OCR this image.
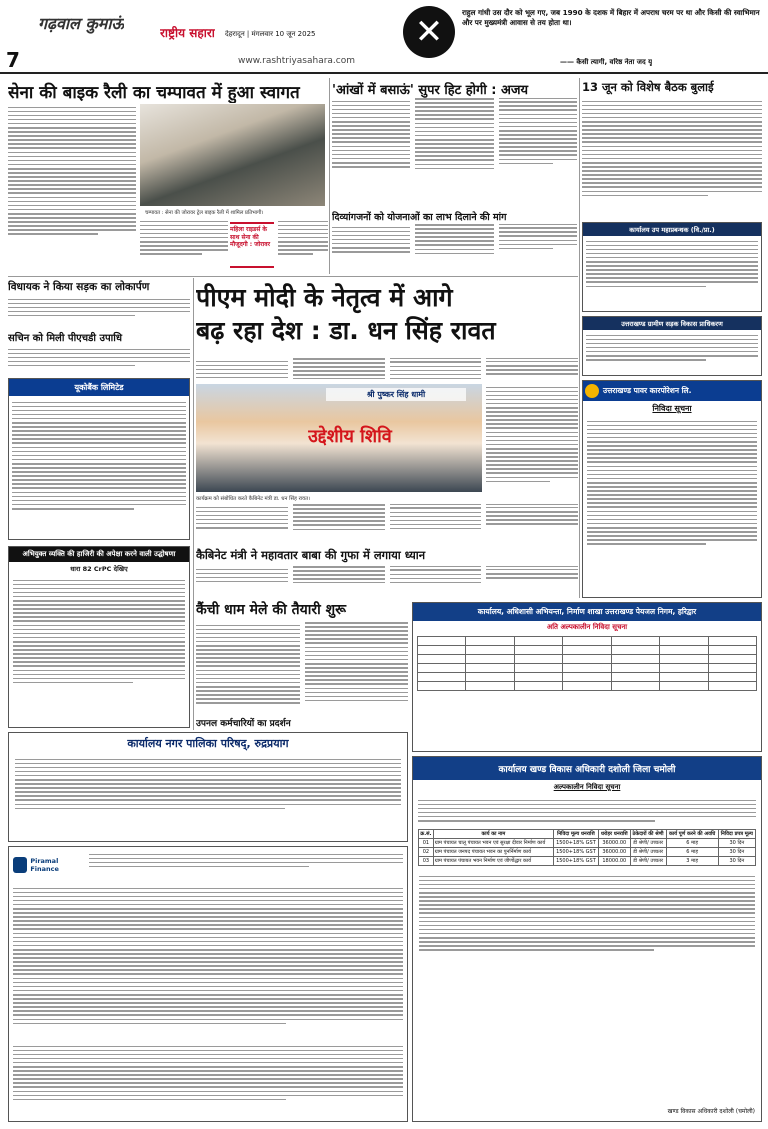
7
गढ़वाल कुमाऊं	राष्ट्रीय सहारा देहरादून | मंगलवार 10 जून 2025
www.rashtriyasahara.com
✕	राहुल गांधी उस दौर को भूल गए, जब 1990 के दशक में बिहार में अपराध चरम पर था और किसी की स्वाभिमान और पर मुख्यमंत्री आवास से तय होता था।
—— कैसी त्यागी, वरिष्ठ नेता जद यू
सेना की बाइक रैली का चम्पावत में हुआ स्वागत
चम्पावत : सेना की जोरावर ट्रेल बाइक रैली में शामिल प्रतिभागी।
महिला राइडर्स के साथ सेना की मौजूदगी : जोरावर
'आंखों में बसाऊं' सुपर हिट होगी : अजय
दिव्यांगजनों को योजनाओं का लाभ दिलाने की मांग
13 जून को विशेष बैठक बुलाई
कार्यालय उप महाप्रबन्धक (वि./प्रा.)
उत्तराखण्ड ग्रामीण सड़क विकास प्राधिकरण
विधायक ने किया सड़क का लोकार्पण
सचिन को मिली पीएचडी उपाधि
यूकोबैंक लिमिटेड
अभियुक्त व्यक्ति की हाजिरी की अपेक्षा करने वाली उद्घोषणा
धारा 82 CrPC देखिए
पीएम मोदी के नेतृत्व में आगे
बढ़ रहा देश : डा. धन सिंह रावत
श्री पुष्कर सिंह धामी
उद्देशीय शिवि
कार्यक्रम को संबोधित करते कैबिनेट मंत्री डा. धन सिंह रावत।
कैबिनेट मंत्री ने महावतार बाबा की गुफा में लगाया ध्यान
कैंची धाम मेले की तैयारी शुरू
उत्तराखण्ड पावर कारपोरेशन लि.
निविदा सूचना
कार्यालय, अधिशासी अभियन्ता, निर्माण शाखा उत्तराखण्ड पेयजल निगम, हरिद्वार
अति अल्पकालीन निविदा सूचना

कार्यालय नगर पालिका परिषद्, रुद्रप्रयाग
Piramal Finance
उपनल कर्मचारियों का प्रदर्शन
कार्यालय खण्ड विकास अधिकारी दशोली जिला चमोली
अल्पकालीन निविदा सूचना
क्र.सं.	कार्य का नाम	निविदा मूल्य धनराशि	धरोहर धनराशि	ठेकेदारों की श्रेणी	कार्य पूर्ण करने की अवधि	निविदा प्रपत्र मूल्य
01	ग्राम पंचायत चालू पंचायत भवन एवं सुरक्षा दीवार निर्माण कार्य	1500+18% GST	36000.00	डी श्रेणी/ उच्चतर	6 माह	30 दिन
02	ग्राम पंचायत जनपद पंचायत भवन का पुनर्निर्माण कार्य	1500+18% GST	36000.00	डी श्रेणी/ उच्चतर	6 माह	30 दिन
03	ग्राम पंचायत पंचायत भवन निर्माण एवं जीर्णोद्धार कार्य	1500+18% GST	18000.00	डी श्रेणी/ उच्चतर	3 माह	30 दिन
खण्ड विकास अधिकारी दशोली (चमोली)
